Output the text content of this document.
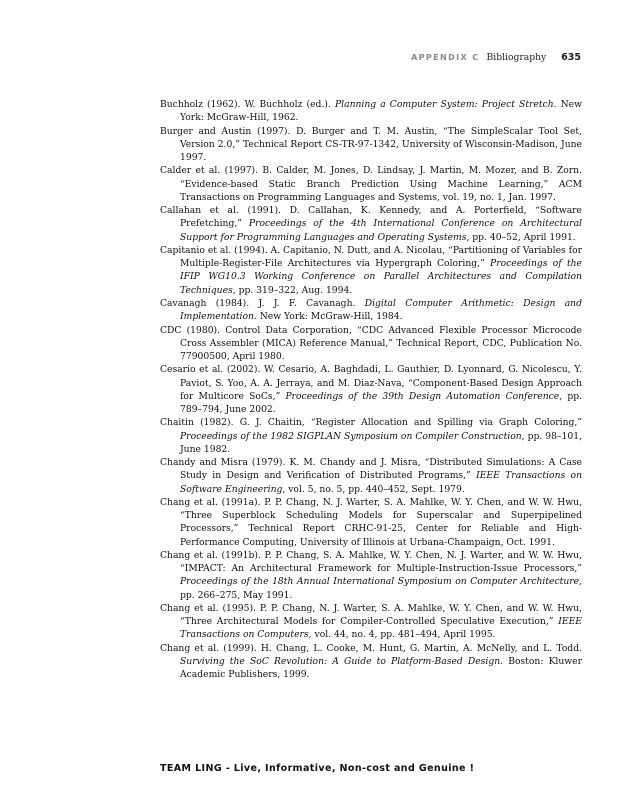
APPENDIX C Bibliography 635
Buchholz (1962). W. Buchholz (ed.). Planning a Computer System: Project Stretch. New York: McGraw-Hill, 1962.
Burger and Austin (1997). D. Burger and T. M. Austin, “The SimpleScalar Tool Set, Version 2.0,” Technical Report CS-TR-97-1342, University of Wisconsin-Madison, June 1997.
Calder et al. (1997). B. Calder, M. Jones, D. Lindsay, J. Martin, M. Mozer, and B. Zorn. “Evidence-based Static Branch Prediction Using Machine Learning,” ACM Transactions on Programming Languages and Systems, vol. 19, no. 1, Jan. 1997.
Callahan et al. (1991). D. Callahan, K. Kennedy, and A. Porterfield, “Software Prefetching,” Proceedings of the 4th International Conference on Architectural Support for Programming Languages and Operating Systems, pp. 40–52, April 1991.
Capitanio et al. (1994). A. Capitanio, N. Dutt, and A. Nicolau, “Partitioning of Variables for Multiple-Register-File Architectures via Hypergraph Coloring,” Proceedings of the IFIP WG10.3 Working Conference on Parallel Architectures and Compilation Techniques, pp. 319–322, Aug. 1994.
Cavanagh (1984). J. J. F. Cavanagh. Digital Computer Arithmetic: Design and Implementation. New York: McGraw-Hill, 1984.
CDC (1980). Control Data Corporation, “CDC Advanced Flexible Processor Microcode Cross Assembler (MICA) Reference Manual,” Technical Report, CDC, Publication No. 77900500, April 1980.
Cesario et al. (2002). W. Cesario, A. Baghdadi, L. Gauthier, D. Lyonnard, G. Nicolescu, Y. Paviot, S. Yoo, A. A. Jerraya, and M. Diaz-Nava, “Component-Based Design Approach for Multicore SoCs,” Proceedings of the 39th Design Automation Conference, pp. 789–794, June 2002.
Chaitin (1982). G. J. Chaitin, “Register Allocation and Spilling via Graph Coloring,” Proceedings of the 1982 SIGPLAN Symposium on Compiler Construction, pp. 98–101, June 1982.
Chandy and Misra (1979). K. M. Chandy and J. Misra, “Distributed Simulations: A Case Study in Design and Verification of Distributed Programs,” IEEE Transactions on Software Engineering, vol. 5, no. 5, pp. 440–452, Sept. 1979.
Chang et al. (1991a). P. P. Chang, N. J. Warter, S. A. Mahlke, W. Y. Chen, and W. W. Hwu, “Three Superblock Scheduling Models for Superscalar and Superpipelined Processors,” Technical Report CRHC-91-25, Center for Reliable and High-Performance Computing, University of Illinois at Urbana-Champaign, Oct. 1991.
Chang et al. (1991b). P. P. Chang, S. A. Mahlke, W. Y. Chen, N. J. Warter, and W. W. Hwu, “IMPACT: An Architectural Framework for Multiple-Instruction-Issue Processors,” Proceedings of the 18th Annual International Symposium on Computer Architecture, pp. 266–275, May 1991.
Chang et al. (1995). P. P. Chang, N. J. Warter, S. A. Mahlke, W. Y. Chen, and W. W. Hwu, “Three Architectural Models for Compiler-Controlled Speculative Execution,” IEEE Transactions on Computers, vol. 44, no. 4, pp. 481–494, April 1995.
Chang et al. (1999). H. Chang, L. Cooke, M. Hunt, G. Martin, A. McNelly, and L. Todd. Surviving the SoC Revolution: A Guide to Platform-Based Design. Boston: Kluwer Academic Publishers, 1999.
TEAM LING - Live, Informative, Non-cost and Genuine !
